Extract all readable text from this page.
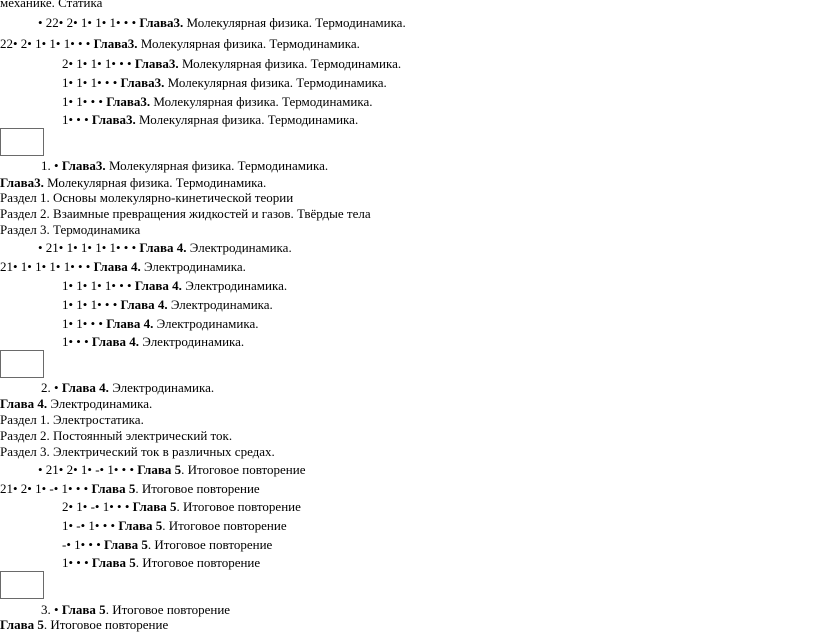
механике. Статика
• 22• 2• 1• 1• 1• • • Глава3. Молекулярная физика. Термодинамика.
22• 2• 1• 1• 1• • • Глава3. Молекулярная физика. Термодинамика.
2• 1• 1• 1• • • Глава3. Молекулярная физика. Термодинамика.
1• 1• 1• • • Глава3. Молекулярная физика. Термодинамика.
1• 1• • • Глава3. Молекулярная физика. Термодинамика.
1• • • Глава3. Молекулярная физика. Термодинамика.
1. • Глава3. Молекулярная физика. Термодинамика.
Глава3. Молекулярная физика. Термодинамика.
Раздел 1. Основы молекулярно-кинетической теории
Раздел 2. Взаимные превращения жидкостей и газов. Твёрдые тела
Раздел 3. Термодинамика
• 21• 1• 1• 1• 1• • • Глава 4. Электродинамика.
21• 1• 1• 1• 1• • • Глава 4. Электродинамика.
1• 1• 1• 1• • • Глава 4. Электродинамика.
1• 1• 1• • • Глава 4. Электродинамика.
1• 1• • • Глава 4. Электродинамика.
1• • • Глава 4. Электродинамика.
2. • Глава 4. Электродинамика.
Глава 4. Электродинамика.
Раздел 1. Электростатика.
Раздел 2. Постоянный электрический ток.
Раздел 3. Электрический ток в различных средах.
• 21• 2• 1• -• 1• • • Глава 5. Итоговое повторение
21• 2• 1• -• 1• • • Глава 5. Итоговое повторение
2• 1• -• 1• • • Глава 5. Итоговое повторение
1• -• 1• • • Глава 5. Итоговое повторение
-• 1• • • Глава 5. Итоговое повторение
1• • • Глава 5. Итоговое повторение
3. • Глава 5. Итоговое повторение
Глава 5. Итоговое повторение
